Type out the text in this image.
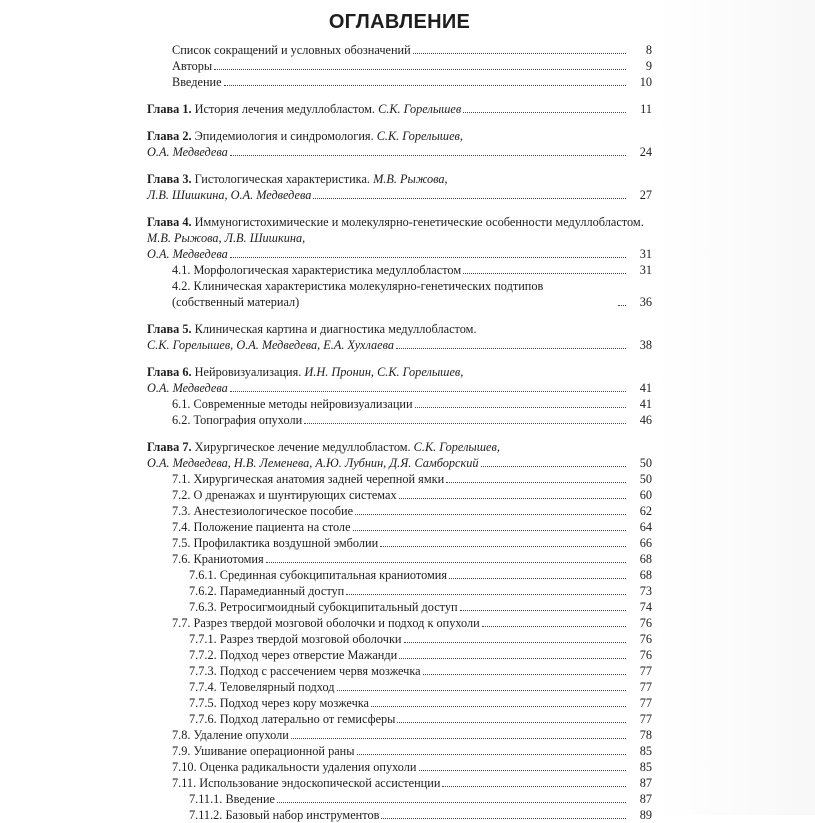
ОГЛАВЛЕНИЕ
Список сокращений и условных обозначений	8
Авторы	9
Введение	10
Глава 1. История лечения медуллобластом. С.К. Горелышев	11
Глава 2. Эпидемиология и синдромология. С.К. Горелышев,
О.А. Медведева	24
Глава 3. Гистологическая характеристика. М.В. Рыжова,
Л.В. Шишкина, О.А. Медведева	27
Глава 4. Иммуногистохимические и молекулярно-генетические особенности медуллобластом. М.В. Рыжова, Л.В. Шишкина,
О.А. Медведева	31
4.1. Морфологическая характеристика медуллобластом	31
4.2. Клиническая характеристика молекулярно-генетических подтипов (собственный материал)	36
Глава 5. Клиническая картина и диагностика медуллобластом.
С.К. Горелышев, О.А. Медведева, Е.А. Хухлаева	38
Глава 6. Нейровизуализация. И.Н. Пронин, С.К. Горелышев,
О.А. Медведева	41
6.1. Современные методы нейровизуализации	41
6.2. Топография опухоли	46
Глава 7. Хирургическое лечение медуллобластом. С.К. Горелышев,
О.А. Медведева, Н.В. Леменева, А.Ю. Лубнин, Д.Я. Самборский	50
7.1. Хирургическая анатомия задней черепной ямки	50
7.2. О дренажах и шунтирующих системах	60
7.3. Анестезиологическое пособие	62
7.4. Положение пациента на столе	64
7.5. Профилактика воздушной эмболии	66
7.6. Краниотомия	68
7.6.1. Срединная субокципитальная краниотомия	68
7.6.2. Парамедианный доступ	73
7.6.3. Ретросигмоидный субокципитальный доступ	74
7.7. Разрез твердой мозговой оболочки и подход к опухоли	76
7.7.1. Разрез твердой мозговой оболочки	76
7.7.2. Подход через отверстие Мажанди	76
7.7.3. Подход с рассечением червя мозжечка	77
7.7.4. Теловелярный подход	77
7.7.5. Подход через кору мозжечка	77
7.7.6. Подход латерально от гемисферы	77
7.8. Удаление опухоли	78
7.9. Ушивание операционной раны	85
7.10. Оценка радикальности удаления опухоли	85
7.11. Использование эндоскопической ассистенции	87
7.11.1. Введение	87
7.11.2. Базовый набор инструментов	89
